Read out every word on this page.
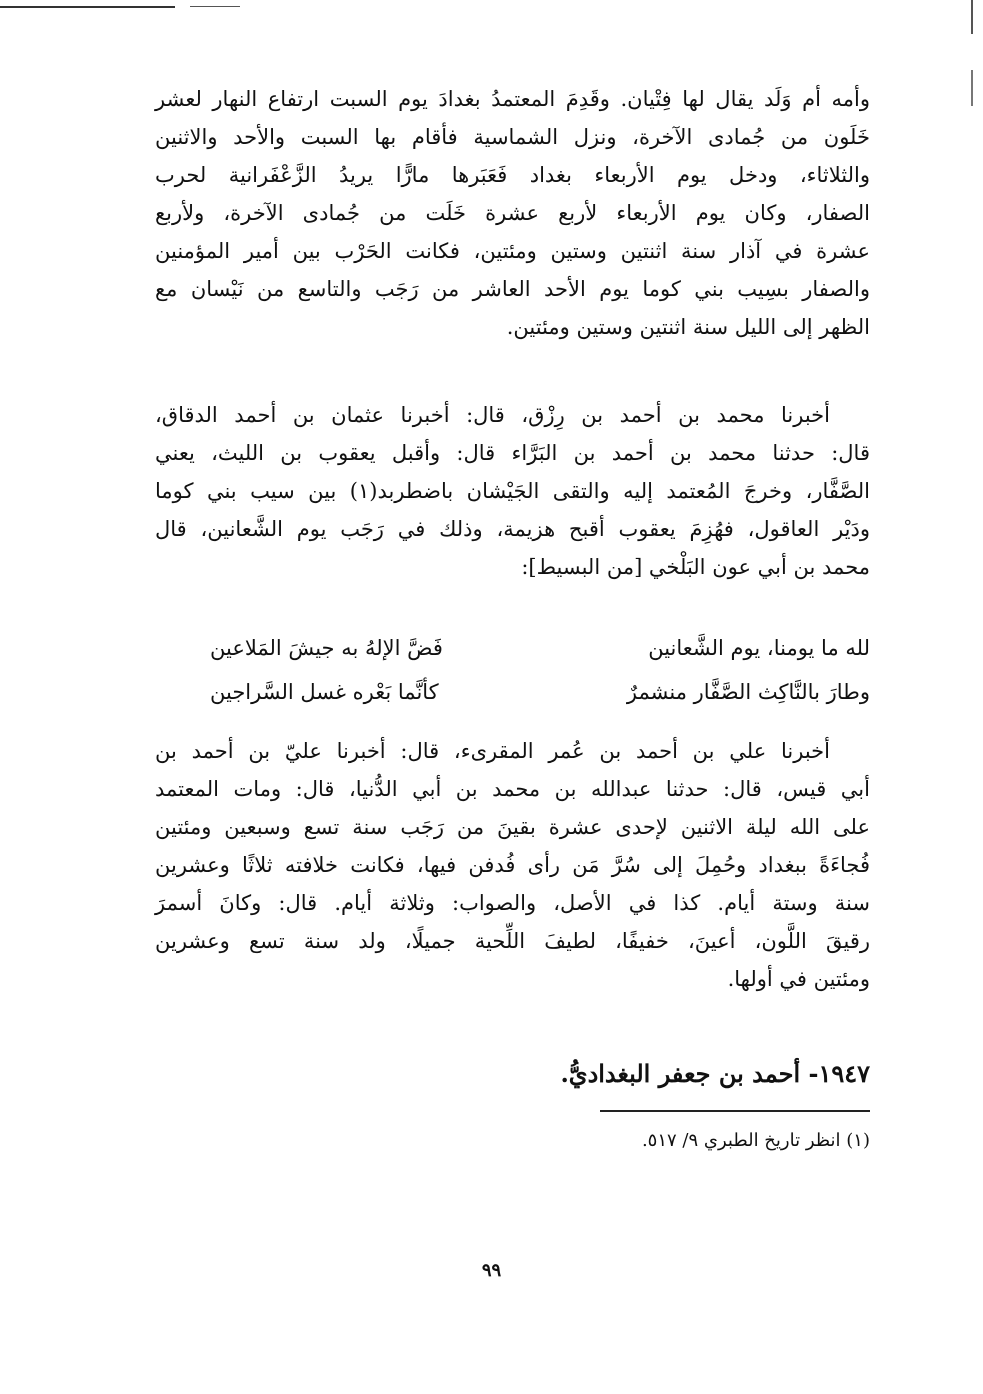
وأمه أم وَلَد يقال لها فِتْيان. وقَدِمَ المعتمدُ بغدادَ يوم السبت ارتفاع النهار لعشر
خَلَون من جُمادى الآخرة، ونزل الشماسية فأقام بها السبت والأحد والاثنين
والثلاثاء، ودخل يوم الأربعاء بغداد فَعَبَرها مارًّا يريدُ الزَّعْفَرانية لحرب
الصفار، وكان يوم الأربعاء لأربع عشرة خَلَت من جُمادى الآخرة، ولأربع
عشرة في آذار سنة اثنتين وستين ومئتين، فكانت الحَرْب بين أمير المؤمنين
والصفار بسِيب بني كوما يوم الأحد العاشر من رَجَب والتاسع من نَيْسان مع
الظهر إلى الليل سنة اثنتين وستين ومئتين.
أخبرنا محمد بن أحمد بن رِزْق، قال: أخبرنا عثمان بن أحمد الدقاق،
قال: حدثنا محمد بن أحمد بن البَرَّاء قال: وأقبل يعقوب بن الليث، يعني
الصَّفَّار، وخرجَ المُعتمد إليه والتقى الجَيْشان باضطربد(١) بين سيب بني كوما
ودَيْر العاقول، فهُزِمَ يعقوب أقبح هزيمة، وذلك في رَجَب يوم الشَّعانين، قال
محمد بن أبي عون البَلْخي [من البسيط]:
لله ما يومنا، يوم الشَّعانين
فَضَّ الإلهُ به جيشَ المَلاعين
وطارَ بالنَّاكِث الصَّفَّار منشمرٌ
كأنَّما بَعْره غسل السَّراجين
أخبرنا علي بن أحمد بن عُمر المقرىء، قال: أخبرنا عليّ بن أحمد بن
أبي قيس، قال: حدثنا عبدالله بن محمد بن أبي الدُّنيا، قال: ومات المعتمد
على الله ليلة الاثنين لإحدى عشرة بقينَ من رَجَب سنة تسع وسبعين ومئتين
فُجاءَةً ببغداد وحُمِلَ إلى سُرَّ مَن رأى فُدفن فيها، فكانت خلافته ثلاثًا وعشرين
سنة وستة أيام. كذا في الأصل، والصواب: وثلاثة أيام. قال: وكانَ أسمرَ
رقيقَ اللَّون، أعينَ، خفيفًا، لطيفَ اللِّحية جميلًا، ولد سنة تسع وعشرين
ومئتين في أولها.
١٩٤٧- أحمد بن جعفر البغداديُّ.
(١) انظر تاريخ الطبري ٩/ ٥١٧.
٩٩
